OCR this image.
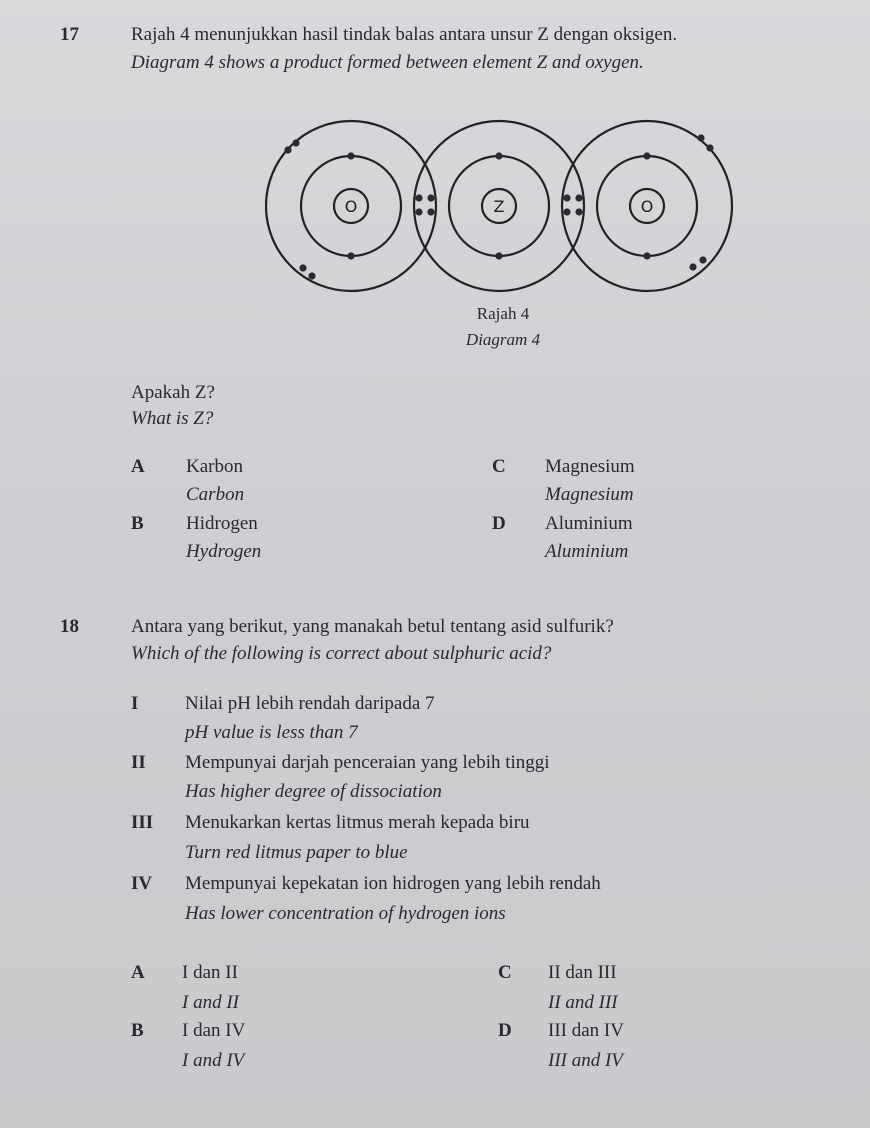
17	Rajah 4 menunjukkan hasil tindak balas antara unsur Z dengan oksigen.
Diagram 4 shows a product formed between element Z and oxygen.
O	Z	O
Rajah 4
Diagram 4
Apakah Z?
What is Z?
A Karbon
Carbon
B Hidrogen
Hydrogen
C Magnesium
Magnesium
D Aluminium
Aluminium
18	Antara yang berikut, yang manakah betul tentang asid sulfurik?
Which of the following is correct about sulphuric acid?
I Nilai pH lebih rendah daripada 7
pH value is less than 7
II Mempunyai darjah penceraian yang lebih tinggi
Has higher degree of dissociation
III Menukarkan kertas litmus merah kepada biru
Turn red litmus paper to blue
IV Mempunyai kepekatan ion hidrogen yang lebih rendah
Has lower concentration of hydrogen ions
A I dan II
I and II
B I dan IV
I and IV
C II dan III
II and III
D III dan IV
III and IV
